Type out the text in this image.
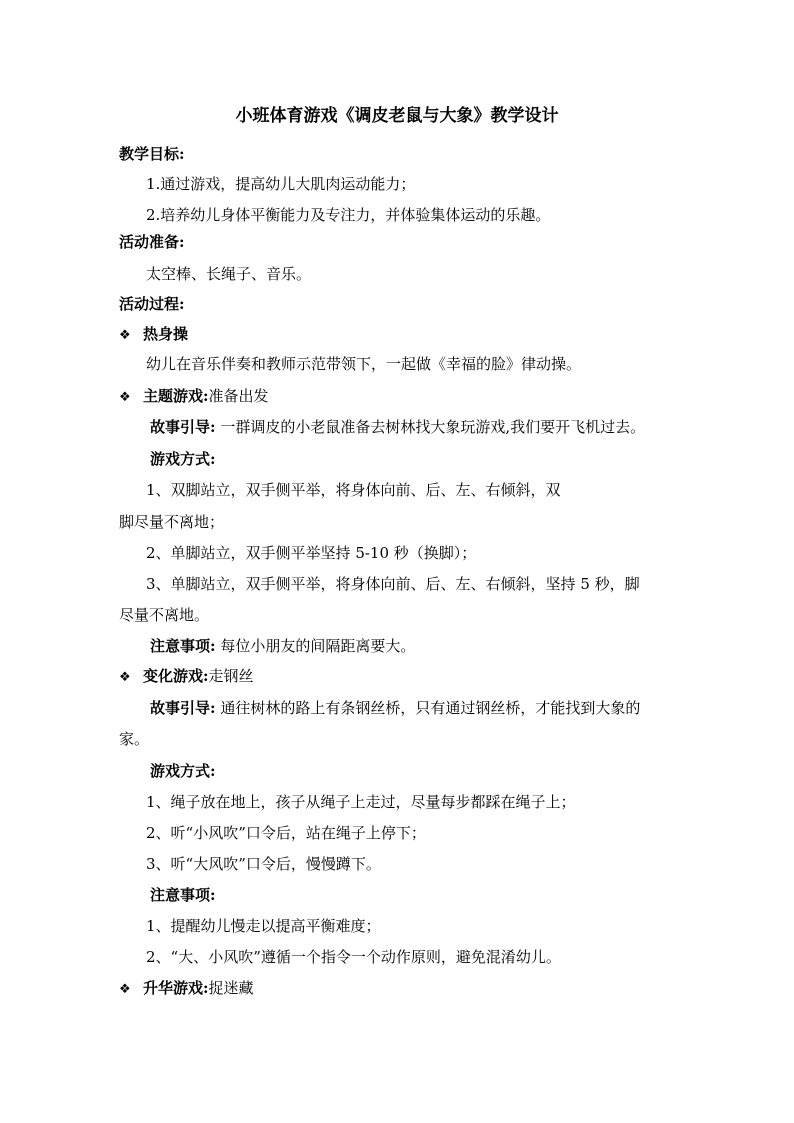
小班体育游戏《调皮老鼠与大象》教学设计
教学目标:
1.通过游戏，提高幼儿大肌肉运动能力；
2.培养幼儿身体平衡能力及专注力，并体验集体运动的乐趣。
活动准备:
太空棒、长绳子、音乐。
活动过程:
❖ 热身操
幼儿在音乐伴奏和教师示范带领下，一起做《幸福的脸》律动操。
❖ 主题游戏:准备出发
故事引导: 一群调皮的小老鼠准备去树林找大象玩游戏,我们要开飞机过去。
游戏方式:
1、双脚站立，双手侧平举，将身体向前、后、左、右倾斜，双
脚尽量不离地；
2、单脚站立，双手侧平举坚持 5-10 秒（换脚）；
3、单脚站立，双手侧平举，将身体向前、后、左、右倾斜，坚持 5 秒，脚
尽量不离地。
注意事项: 每位小朋友的间隔距离要大。
❖ 变化游戏:走钢丝
故事引导: 通往树林的路上有条钢丝桥，只有通过钢丝桥，才能找到大象的
家。
游戏方式:
1、绳子放在地上，孩子从绳子上走过，尽量每步都踩在绳子上；
2、听“小风吹”口令后，站在绳子上停下；
3、听“大风吹”口令后，慢慢蹲下。
注意事项:
1、提醒幼儿慢走以提高平衡难度；
2、“大、小风吹”遵循一个指令一个动作原则，避免混淆幼儿。
❖ 升华游戏:捉迷藏
